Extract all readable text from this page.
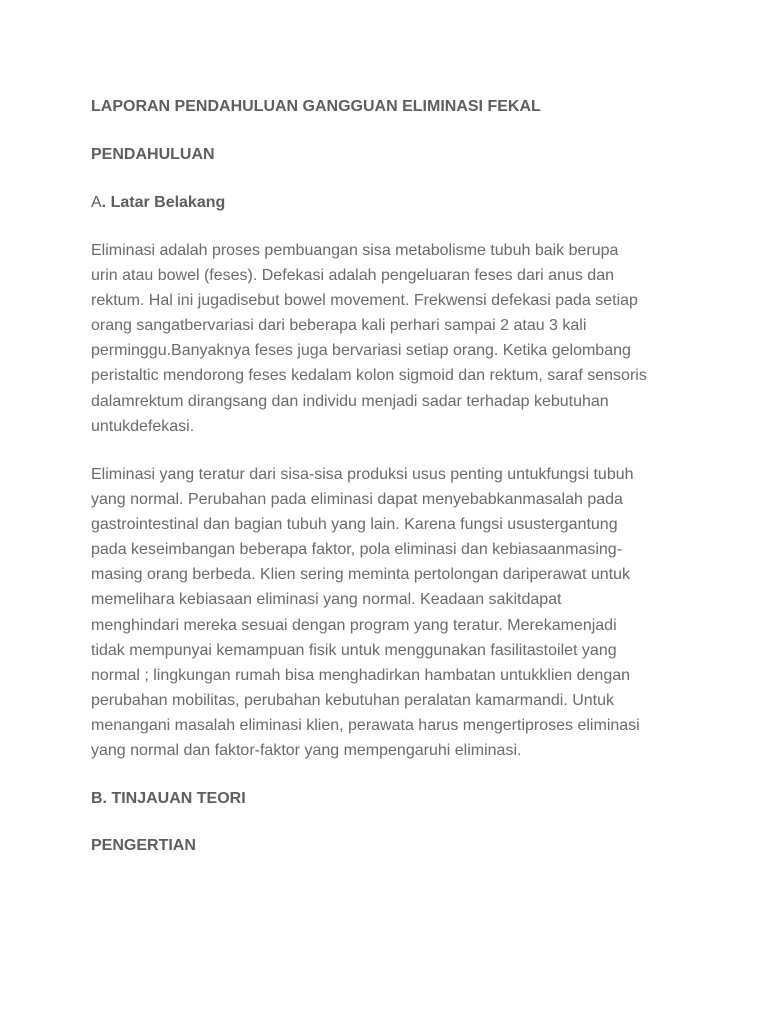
LAPORAN PENDAHULUAN GANGGUAN ELIMINASI FEKAL
PENDAHULUAN
A. Latar Belakang
Eliminasi adalah proses pembuangan sisa metabolisme tubuh baik berupa
urin atau bowel (feses). Defekasi adalah pengeluaran feses dari anus dan
rektum. Hal ini jugadisebut bowel movement. Frekwensi defekasi pada setiap
orang sangatbervariasi dari beberapa kali perhari sampai 2 atau 3 kali
perminggu.Banyaknya feses juga bervariasi setiap orang. Ketika gelombang
peristaltic mendorong feses kedalam kolon sigmoid dan rektum, saraf sensoris
dalamrektum dirangsang dan individu menjadi sadar terhadap kebutuhan
untukdefekasi.
Eliminasi yang teratur dari sisa-sisa produksi usus penting untukfungsi tubuh
yang normal. Perubahan pada eliminasi dapat menyebabkanmasalah pada
gastrointestinal dan bagian tubuh yang lain. Karena fungsi usustergantung
pada keseimbangan beberapa faktor, pola eliminasi dan kebiasaanmasing-
masing orang berbeda. Klien sering meminta pertolongan dariperawat untuk
memelihara kebiasaan eliminasi yang normal. Keadaan sakitdapat
menghindari mereka sesuai dengan program yang teratur. Merekamenjadi
tidak mempunyai kemampuan fisik untuk menggunakan fasilitastoilet yang
normal ; lingkungan rumah bisa menghadirkan hambatan untukklien dengan
perubahan mobilitas, perubahan kebutuhan peralatan kamarmandi. Untuk
menangani masalah eliminasi klien, perawata harus mengertiproses eliminasi
yang normal dan faktor-faktor yang mempengaruhi eliminasi.
B. TINJAUAN TEORI
PENGERTIAN
